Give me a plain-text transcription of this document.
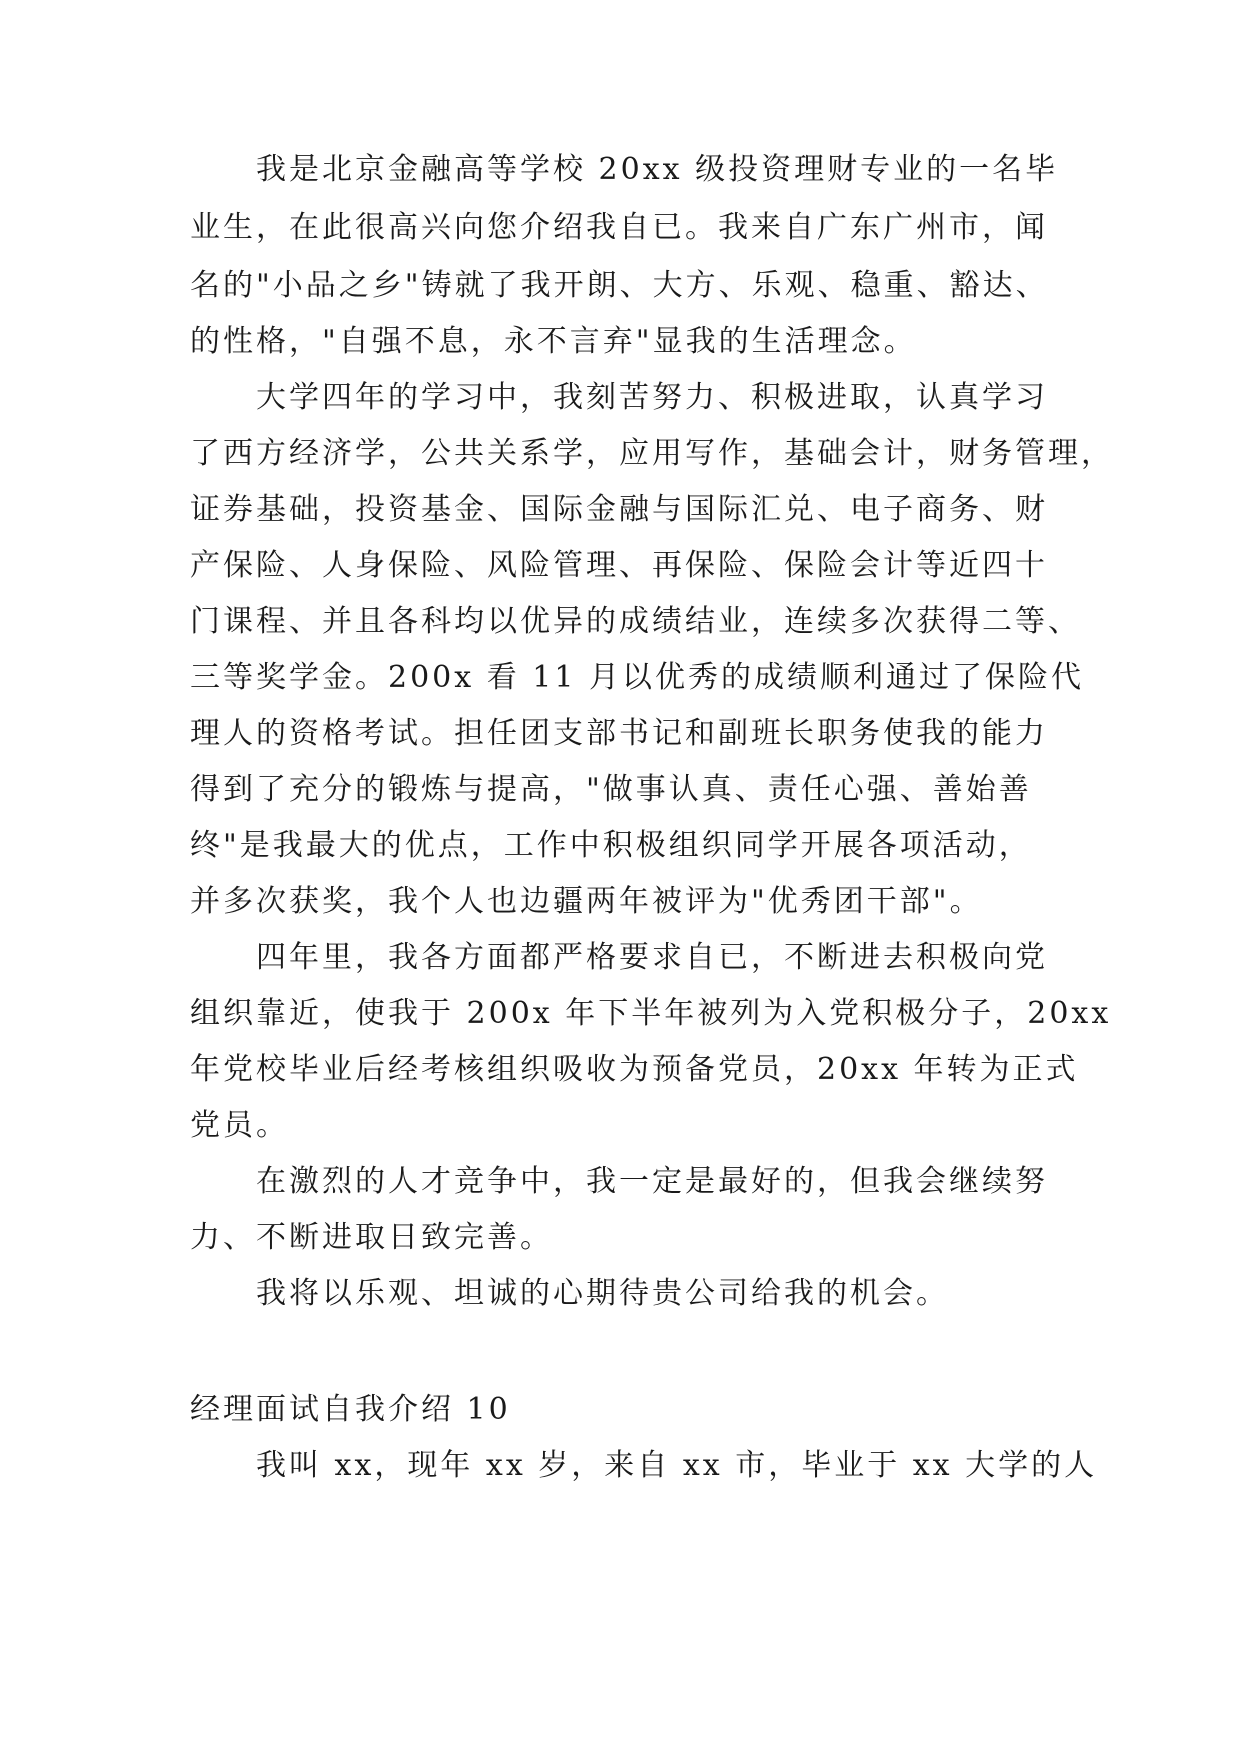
我是北京金融高等学校 20xx 级投资理财专业的一名毕
业生，在此很高兴向您介绍我自已。我来自广东广州市，闻
名的"小品之乡"铸就了我开朗、大方、乐观、稳重、豁达、
的性格，"自强不息，永不言弃"显我的生活理念。
大学四年的学习中，我刻苦努力、积极进取，认真学习
了西方经济学，公共关系学，应用写作，基础会计，财务管理，
证券基础，投资基金、国际金融与国际汇兑、电子商务、财
产保险、人身保险、风险管理、再保险、保险会计等近四十
门课程、并且各科均以优异的成绩结业，连续多次获得二等、
三等奖学金。200x 看 11 月以优秀的成绩顺利通过了保险代
理人的资格考试。担任团支部书记和副班长职务使我的能力
得到了充分的锻炼与提高，"做事认真、责任心强、善始善
终"是我最大的优点，工作中积极组织同学开展各项活动，
并多次获奖，我个人也边疆两年被评为"优秀团干部"。
四年里，我各方面都严格要求自已，不断进去积极向党
组织靠近，使我于 200x 年下半年被列为入党积极分子，20xx
年党校毕业后经考核组织吸收为预备党员，20xx 年转为正式
党员。
在激烈的人才竞争中，我一定是最好的，但我会继续努
力、不断进取日致完善。
我将以乐观、坦诚的心期待贵公司给我的机会。
经理面试自我介绍 10
我叫 xx，现年 xx 岁，来自 xx 市，毕业于 xx 大学的人
